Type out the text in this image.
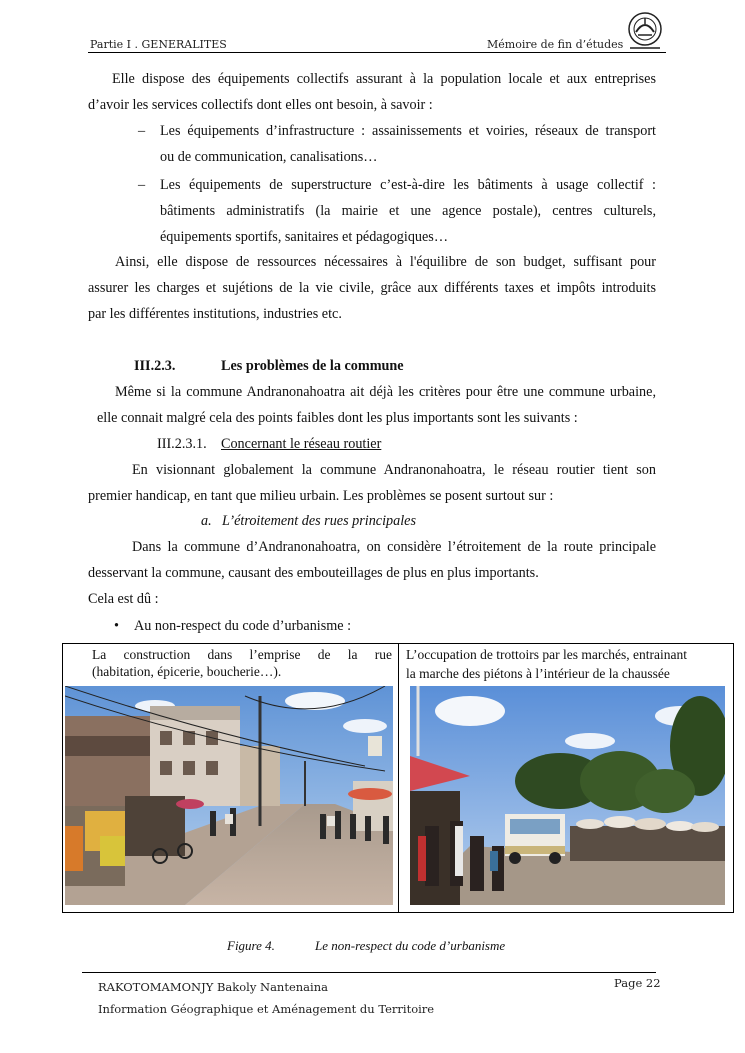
Partie I . GENERALITES	Mémoire de fin d’études
Elle dispose des équipements collectifs assurant à la population locale et aux entreprises
d’avoir les services collectifs dont elles ont besoin, à savoir :
– Les équipements d’infrastructure : assainissements et voiries, réseaux de transport
ou de communication, canalisations…
– Les équipements de superstructure c’est-à-dire les bâtiments à usage collectif :
bâtiments administratifs (la mairie et une agence postale), centres culturels,
équipements sportifs, sanitaires et pédagogiques…
Ainsi, elle dispose de ressources nécessaires à l'équilibre de son budget, suffisant pour
assurer les charges et sujétions de la vie civile, grâce aux différents taxes et impôts introduits
par les différentes institutions, industries etc.
III.2.3.	Les problèmes de la commune
Même si la commune Andranonahoatra ait déjà les critères pour être une commune urbaine,
elle connait malgré cela des points faibles dont les plus importants sont les suivants :
III.2.3.1. Concernant le réseau routier
En visionnant globalement la commune Andranonahoatra, le réseau routier tient son
premier handicap, en tant que milieu urbain. Les problèmes se posent surtout sur :
a. L’étroitement des rues principales
Dans la commune d’Andranonahoatra, on considère l’étroitement de la route principale
desservant la commune, causant des embouteillages de plus en plus importants.
Cela est dû :
• Au non-respect du code d’urbanisme :
La construction dans l’emprise de la rue
(habitation, épicerie, boucherie…).
L’occupation de trottoirs par les marchés, entrainant
la marche des piétons à l’intérieur de la chaussée
Figure 4.	Le non-respect du code d’urbanisme
RAKOTOMAMONJY Bakoly Nantenaina
Information Géographique et Aménagement du Territoire
Page 22
